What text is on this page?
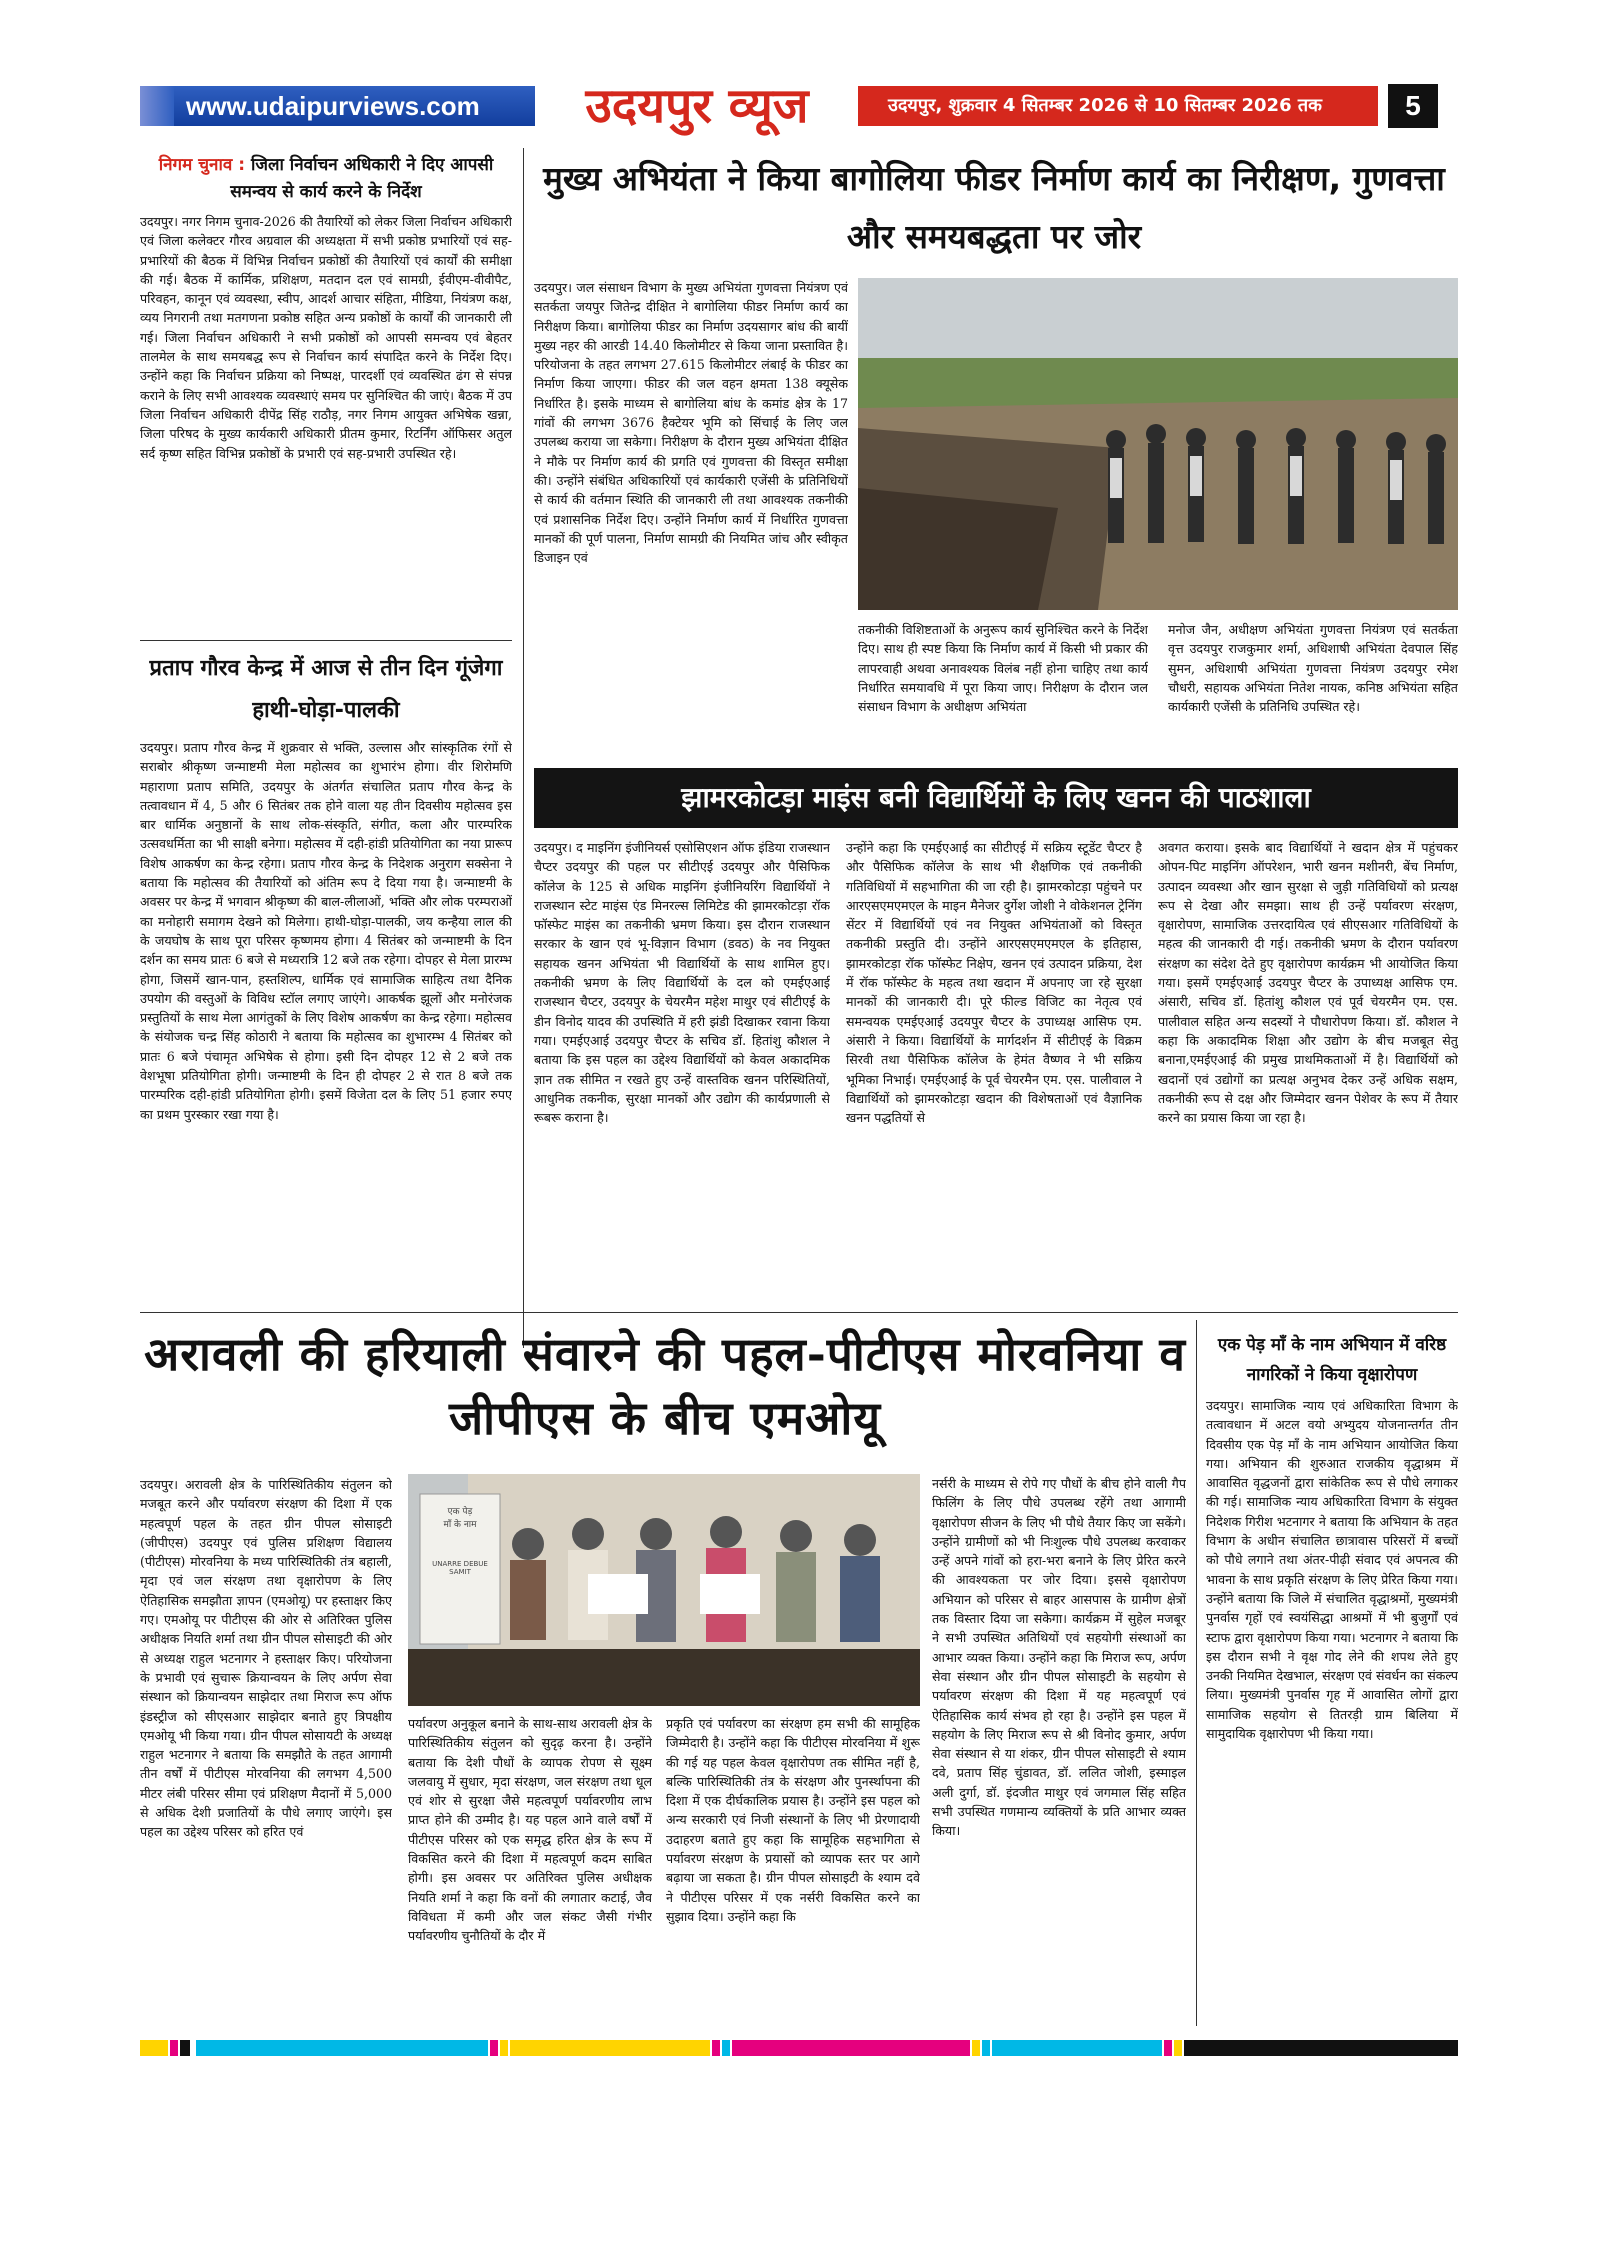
www.udaipurviews.com	उदयपुर व्यूज	उदयपुर, शुक्रवार 4 सितम्बर 2026 से 10 सितम्बर 2026 तक	5
निगम चुनाव : जिला निर्वाचन अधिकारी ने दिए आपसी समन्वय से कार्य करने के निर्देश

उदयपुर। नगर निगम चुनाव-2026 की तैयारियों को लेकर जिला निर्वाचन अधिकारी एवं जिला कलेक्टर गौरव अग्रवाल की अध्यक्षता में सभी प्रकोष्ठ प्रभारियों एवं सह-प्रभारियों की बैठक में विभिन्न निर्वाचन प्रकोष्ठों की तैयारियों एवं कार्यों की समीक्षा की गई। बैठक में कार्मिक, प्रशिक्षण, मतदान दल एवं सामग्री, ईवीएम-वीवीपैट, परिवहन, कानून एवं व्यवस्था, स्वीप, आदर्श आचार संहिता, मीडिया, नियंत्रण कक्ष, व्यय निगरानी तथा मतगणना प्रकोष्ठ सहित अन्य प्रकोष्ठों के कार्यों की जानकारी ली गई। जिला निर्वाचन अधिकारी ने सभी प्रकोष्ठों को आपसी समन्वय एवं बेहतर तालमेल के साथ समयबद्ध रूप से निर्वाचन कार्य संपादित करने के निर्देश दिए। उन्होंने कहा कि निर्वाचन प्रक्रिया को निष्पक्ष, पारदर्शी एवं व्यवस्थित ढंग से संपन्न कराने के लिए सभी आवश्यक व्यवस्थाएं समय पर सुनिश्चित की जाएं। बैठक में उप जिला निर्वाचन अधिकारी दीपेंद्र सिंह राठौड़, नगर निगम आयुक्त अभिषेक खन्ना, जिला परिषद के मुख्य कार्यकारी अधिकारी प्रीतम कुमार, रिटर्निंग ऑफिसर अतुल सर्द कृष्ण सहित विभिन्न प्रकोष्ठों के प्रभारी एवं सह-प्रभारी उपस्थित रहे।

प्रताप गौरव केन्द्र में आज से तीन दिन गूंजेगा हाथी-घोड़ा-पालकी

उदयपुर। प्रताप गौरव केन्द्र में शुक्रवार से भक्ति, उल्लास और सांस्कृतिक रंगों से सराबोर श्रीकृष्ण जन्माष्टमी मेला महोत्सव का शुभारंभ होगा। वीर शिरोमणि महाराणा प्रताप समिति, उदयपुर के अंतर्गत संचालित प्रताप गौरव केन्द्र के तत्वावधान में 4, 5 और 6 सितंबर तक होने वाला यह तीन दिवसीय महोत्सव इस बार धार्मिक अनुष्ठानों के साथ लोक-संस्कृति, संगीत, कला और पारम्परिक उत्सवधर्मिता का भी साक्षी बनेगा। महोत्सव में दही-हांडी प्रतियोगिता का नया प्रारूप विशेष आकर्षण का केन्द्र रहेगा। प्रताप गौरव केन्द्र के निदेशक अनुराग सक्सेना ने बताया कि महोत्सव की तैयारियों को अंतिम रूप दे दिया गया है। जन्माष्टमी के अवसर पर केन्द्र में भगवान श्रीकृष्ण की बाल-लीलाओं, भक्ति और लोक परम्पराओं का मनोहारी समागम देखने को मिलेगा। हाथी-घोड़ा-पालकी, जय कन्हैया लाल की के जयघोष के साथ पूरा परिसर कृष्णमय होगा। 4 सितंबर को जन्माष्टमी के दिन दर्शन का समय प्रातः 6 बजे से मध्यरात्रि 12 बजे तक रहेगा। दोपहर से मेला प्रारम्भ होगा, जिसमें खान-पान, हस्तशिल्प, धार्मिक एवं सामाजिक साहित्य तथा दैनिक उपयोग की वस्तुओं के विविध स्टॉल लगाए जाएंगे। आकर्षक झूलों और मनोरंजक प्रस्तुतियों के साथ मेला आगंतुकों के लिए विशेष आकर्षण का केन्द्र रहेगा। महोत्सव के संयोजक चन्द्र सिंह कोठारी ने बताया कि महोत्सव का शुभारम्भ 4 सितंबर को प्रातः 6 बजे पंचामृत अभिषेक से होगा। इसी दिन दोपहर 12 से 2 बजे तक वेशभूषा प्रतियोगिता होगी। जन्माष्टमी के दिन ही दोपहर 2 से रात 8 बजे तक पारम्परिक दही-हांडी प्रतियोगिता होगी। इसमें विजेता दल के लिए 51 हजार रुपए का प्रथम पुरस्कार रखा गया है।

मुख्य अभियंता ने किया बागोलिया फीडर निर्माण कार्य का निरीक्षण, गुणवत्ता और समयबद्धता पर जोर

उदयपुर। जल संसाधन विभाग के मुख्य अभियंता गुणवत्ता नियंत्रण एवं सतर्कता जयपुर जितेन्द्र दीक्षित ने बागोलिया फीडर निर्माण कार्य का निरीक्षण किया। बागोलिया फीडर का निर्माण उदयसागर बांध की बायीं मुख्य नहर की आरडी 14.40 किलोमीटर से किया जाना प्रस्तावित है। परियोजना के तहत लगभग 27.615 किलोमीटर लंबाई के फीडर का निर्माण किया जाएगा। फीडर की जल वहन क्षमता 138 क्यूसेक निर्धारित है। इसके माध्यम से बागोलिया बांध के कमांड क्षेत्र के 17 गांवों की लगभग 3676 हैक्टेयर भूमि को सिंचाई के लिए जल उपलब्ध कराया जा सकेगा। निरीक्षण के दौरान मुख्य अभियंता दीक्षित ने मौके पर निर्माण कार्य की प्रगति एवं गुणवत्ता की विस्तृत समीक्षा की। उन्होंने संबंधित अधिकारियों एवं कार्यकारी एजेंसी के प्रतिनिधियों से कार्य की वर्तमान स्थिति की जानकारी ली तथा आवश्यक तकनीकी एवं प्रशासनिक निर्देश दिए। उन्होंने निर्माण कार्य में निर्धारित गुणवत्ता मानकों की पूर्ण पालना, निर्माण सामग्री की नियमित जांच और स्वीकृत डिजाइन एवं

तकनीकी विशिष्टताओं के अनुरूप कार्य सुनिश्चित करने के निर्देश दिए। साथ ही स्पष्ट किया कि निर्माण कार्य में किसी भी प्रकार की लापरवाही अथवा अनावश्यक विलंब नहीं होना चाहिए तथा कार्य निर्धारित समयावधि में पूरा किया जाए। निरीक्षण के दौरान जल संसाधन विभाग के अधीक्षण अभियंता

मनोज जैन, अधीक्षण अभियंता गुणवत्ता नियंत्रण एवं सतर्कता वृत्त उदयपुर राजकुमार शर्मा, अधिशाषी अभियंता देवपाल सिंह सुमन, अधिशाषी अभियंता गुणवत्ता नियंत्रण उदयपुर रमेश चौधरी, सहायक अभियंता नितेश नायक, कनिष्ठ अभियंता सहित कार्यकारी एजेंसी के प्रतिनिधि उपस्थित रहे।

झामरकोटड़ा माइंस बनी विद्यार्थियों के लिए खनन की पाठशाला

उदयपुर। द माइनिंग इंजीनियर्स एसोसिएशन ऑफ इंडिया राजस्थान चैप्टर उदयपुर की पहल पर सीटीएई उदयपुर और पैसिफिक कॉलेज के 125 से अधिक माइनिंग इंजीनियरिंग विद्यार्थियों ने राजस्थान स्टेट माइंस एंड मिनरल्स लिमिटेड की झामरकोटड़ा रॉक फॉस्फेट माइंस का तकनीकी भ्रमण किया। इस दौरान राजस्थान सरकार के खान एवं भू-विज्ञान विभाग (डवठ) के नव नियुक्त सहायक खनन अभियंता भी विद्यार्थियों के साथ शामिल हुए। तकनीकी भ्रमण के लिए विद्यार्थियों के दल को एमईएआई राजस्थान चैप्टर, उदयपुर के चेयरमैन महेश माथुर एवं सीटीएई के डीन विनोद यादव की उपस्थिति में हरी झंडी दिखाकर रवाना किया गया। एमईएआई उदयपुर चैप्टर के सचिव डॉ. हितांशु कौशल ने बताया कि इस पहल का उद्देश्य विद्यार्थियों को केवल अकादमिक ज्ञान तक सीमित न रखते हुए उन्हें वास्तविक खनन परिस्थितियों, आधुनिक तकनीक, सुरक्षा मानकों और उद्योग की कार्यप्रणाली से रूबरू कराना है।

उन्होंने कहा कि एमईएआई का सीटीएई में सक्रिय स्टूडेंट चैप्टर है और पैसिफिक कॉलेज के साथ भी शैक्षणिक एवं तकनीकी गतिविधियों में सहभागिता की जा रही है। झामरकोटड़ा पहुंचने पर आरएसएमएमएल के माइन मैनेजर दुर्गेश जोशी ने वोकेशनल ट्रेनिंग सेंटर में विद्यार्थियों एवं नव नियुक्त अभियंताओं को विस्तृत तकनीकी प्रस्तुति दी। उन्होंने आरएसएमएमएल के इतिहास, झामरकोटड़ा रॉक फॉस्फेट निक्षेप, खनन एवं उत्पादन प्रक्रिया, देश में रॉक फॉस्फेट के महत्व तथा खदान में अपनाए जा रहे सुरक्षा मानकों की जानकारी दी। पूरे फील्ड विजिट का नेतृत्व एवं समन्वयक एमईएआई उदयपुर चैप्टर के उपाध्यक्ष आसिफ एम. अंसारी ने किया। विद्यार्थियों के मार्गदर्शन में सीटीएई के विक्रम सिरवी तथा पैसिफिक कॉलेज के हेमंत वैष्णव ने भी सक्रिय भूमिका निभाई। एमईएआई के पूर्व चेयरमैन एम. एस. पालीवाल ने विद्यार्थियों को झामरकोटड़ा खदान की विशेषताओं एवं वैज्ञानिक खनन पद्धतियों से

अवगत कराया। इसके बाद विद्यार्थियों ने खदान क्षेत्र में पहुंचकर ओपन-पिट माइनिंग ऑपरेशन, भारी खनन मशीनरी, बेंच निर्माण, उत्पादन व्यवस्था और खान सुरक्षा से जुड़ी गतिविधियों को प्रत्यक्ष रूप से देखा और समझा। साथ ही उन्हें पर्यावरण संरक्षण, वृक्षारोपण, सामाजिक उत्तरदायित्व एवं सीएसआर गतिविधियों के महत्व की जानकारी दी गई। तकनीकी भ्रमण के दौरान पर्यावरण संरक्षण का संदेश देते हुए वृक्षारोपण कार्यक्रम भी आयोजित किया गया। इसमें एमईएआई उदयपुर चैप्टर के उपाध्यक्ष आसिफ एम. अंसारी, सचिव डॉ. हितांशु कौशल एवं पूर्व चेयरमैन एम. एस. पालीवाल सहित अन्य सदस्यों ने पौधारोपण किया। डॉ. कौशल ने कहा कि अकादमिक शिक्षा और उद्योग के बीच मजबूत सेतु बनाना,एमईएआई की प्रमुख प्राथमिकताओं में है। विद्यार्थियों को खदानों एवं उद्योगों का प्रत्यक्ष अनुभव देकर उन्हें अधिक सक्षम, तकनीकी रूप से दक्ष और जिम्मेदार खनन पेशेवर के रूप में तैयार करने का प्रयास किया जा रहा है।

अरावली की हरियाली संवारने की पहल-पीटीएस मोरवनिया व जीपीएस के बीच एमओयू

उदयपुर। अरावली क्षेत्र के पारिस्थितिकीय संतुलन को मजबूत करने और पर्यावरण संरक्षण की दिशा में एक महत्वपूर्ण पहल के तहत ग्रीन पीपल सोसाइटी (जीपीएस) उदयपुर एवं पुलिस प्रशिक्षण विद्यालय (पीटीएस) मोरवनिया के मध्य पारिस्थितिकी तंत्र बहाली, मृदा एवं जल संरक्षण तथा वृक्षारोपण के लिए ऐतिहासिक समझौता ज्ञापन (एमओयू) पर हस्ताक्षर किए गए। एमओयू पर पीटीएस की ओर से अतिरिक्त पुलिस अधीक्षक नियति शर्मा तथा ग्रीन पीपल सोसाइटी की ओर से अध्यक्ष राहुल भटनागर ने हस्ताक्षर किए। परियोजना के प्रभावी एवं सुचारू क्रियान्वयन के लिए अर्पण सेवा संस्थान को क्रियान्वयन साझेदार तथा मिराज रूप ऑफ इंडस्ट्रीज को सीएसआर साझेदार बनाते हुए त्रिपक्षीय एमओयू भी किया गया। ग्रीन पीपल सोसायटी के अध्यक्ष राहुल भटनागर ने बताया कि समझौते के तहत आगामी तीन वर्षों में पीटीएस मोरवनिया की लगभग 4,500 मीटर लंबी परिसर सीमा एवं प्रशिक्षण मैदानों में 5,000 से अधिक देशी प्रजातियों के पौधे लगाए जाएंगे। इस पहल का उद्देश्य परिसर को हरित एवं

एक पेड़
माँ के नाम
UNARRE DEBUE SAMIT

पर्यावरण अनुकूल बनाने के साथ-साथ अरावली क्षेत्र के पारिस्थितिकीय संतुलन को सुदृढ़ करना है। उन्होंने बताया कि देशी पौधों के व्यापक रोपण से सूक्ष्म जलवायु में सुधार, मृदा संरक्षण, जल संरक्षण तथा धूल एवं शोर से सुरक्षा जैसे महत्वपूर्ण पर्यावरणीय लाभ प्राप्त होने की उम्मीद है। यह पहल आने वाले वर्षों में पीटीएस परिसर को एक समृद्ध हरित क्षेत्र के रूप में विकसित करने की दिशा में महत्वपूर्ण कदम साबित होगी। इस अवसर पर अतिरिक्त पुलिस अधीक्षक नियति शर्मा ने कहा कि वनों की लगातार कटाई, जैव विविधता में कमी और जल संकट जैसी गंभीर पर्यावरणीय चुनौतियों के दौर में

प्रकृति एवं पर्यावरण का संरक्षण हम सभी की सामूहिक जिम्मेदारी है। उन्होंने कहा कि पीटीएस मोरवनिया में शुरू की गई यह पहल केवल वृक्षारोपण तक सीमित नहीं है, बल्कि पारिस्थितिकी तंत्र के संरक्षण और पुनर्स्थापना की दिशा में एक दीर्घकालिक प्रयास है। उन्होंने इस पहल को अन्य सरकारी एवं निजी संस्थानों के लिए भी प्रेरणादायी उदाहरण बताते हुए कहा कि सामूहिक सहभागिता से पर्यावरण संरक्षण के प्रयासों को व्यापक स्तर पर आगे बढ़ाया जा सकता है। ग्रीन पीपल सोसाइटी के श्याम दवे ने पीटीएस परिसर में एक नर्सरी विकसित करने का सुझाव दिया। उन्होंने कहा कि

नर्सरी के माध्यम से रोपे गए पौधों के बीच होने वाली गैप फिलिंग के लिए पौधे उपलब्ध रहेंगे तथा आगामी वृक्षारोपण सीजन के लिए भी पौधे तैयार किए जा सकेंगे। उन्होंने ग्रामीणों को भी निःशुल्क पौधे उपलब्ध करवाकर उन्हें अपने गांवों को हरा-भरा बनाने के लिए प्रेरित करने की आवश्यकता पर जोर दिया। इससे वृक्षारोपण अभियान को परिसर से बाहर आसपास के ग्रामीण क्षेत्रों तक विस्तार दिया जा सकेगा। कार्यक्रम में सुहेल मजबूर ने सभी उपस्थित अतिथियों एवं सहयोगी संस्थाओं का आभार व्यक्त किया। उन्होंने कहा कि मिराज रूप, अर्पण सेवा संस्थान और ग्रीन पीपल सोसाइटी के सहयोग से पर्यावरण संरक्षण की दिशा में यह महत्वपूर्ण एवं ऐतिहासिक कार्य संभव हो रहा है। उन्होंने इस पहल में सहयोग के लिए मिराज रूप से श्री विनोद कुमार, अर्पण सेवा संस्थान से या शंकर, ग्रीन पीपल सोसाइटी से श्याम दवे, प्रताप सिंह चुंडावत, डॉ. ललित जोशी, इस्माइल अली दुर्गा, डॉ. इंदजीत माथुर एवं जगमाल सिंह सहित सभी उपस्थित गणमान्य व्यक्तियों के प्रति आभार व्यक्त किया।

एक पेड़ माँ के नाम अभियान में वरिष्ठ नागरिकों ने किया वृक्षारोपण

उदयपुर। सामाजिक न्याय एवं अधिकारिता विभाग के तत्वावधान में अटल वयो अभ्युदय योजनान्तर्गत तीन दिवसीय एक पेड़ माँ के नाम अभियान आयोजित किया गया। अभियान की शुरुआत राजकीय वृद्धाश्रम में आवासित वृद्धजनों द्वारा सांकेतिक रूप से पौधे लगाकर की गई। सामाजिक न्याय अधिकारिता विभाग के संयुक्त निदेशक गिरीश भटनागर ने बताया कि अभियान के तहत विभाग के अधीन संचालित छात्रावास परिसरों में बच्चों को पौधे लगाने तथा अंतर-पीढ़ी संवाद एवं अपनत्व की भावना के साथ प्रकृति संरक्षण के लिए प्रेरित किया गया। उन्होंने बताया कि जिले में संचालित वृद्धाश्रमों, मुख्यमंत्री पुनर्वास गृहों एवं स्वयंसिद्धा आश्रमों में भी बुजुर्गों एवं स्टाफ द्वारा वृक्षारोपण किया गया। भटनागर ने बताया कि इस दौरान सभी ने वृक्ष गोद लेने की शपथ लेते हुए उनकी नियमित देखभाल, संरक्षण एवं संवर्धन का संकल्प लिया। मुख्यमंत्री पुनर्वास गृह में आवासित लोगों द्वारा सामाजिक सहयोग से तितरड़ी ग्राम बिलिया में सामुदायिक वृक्षारोपण भी किया गया।
